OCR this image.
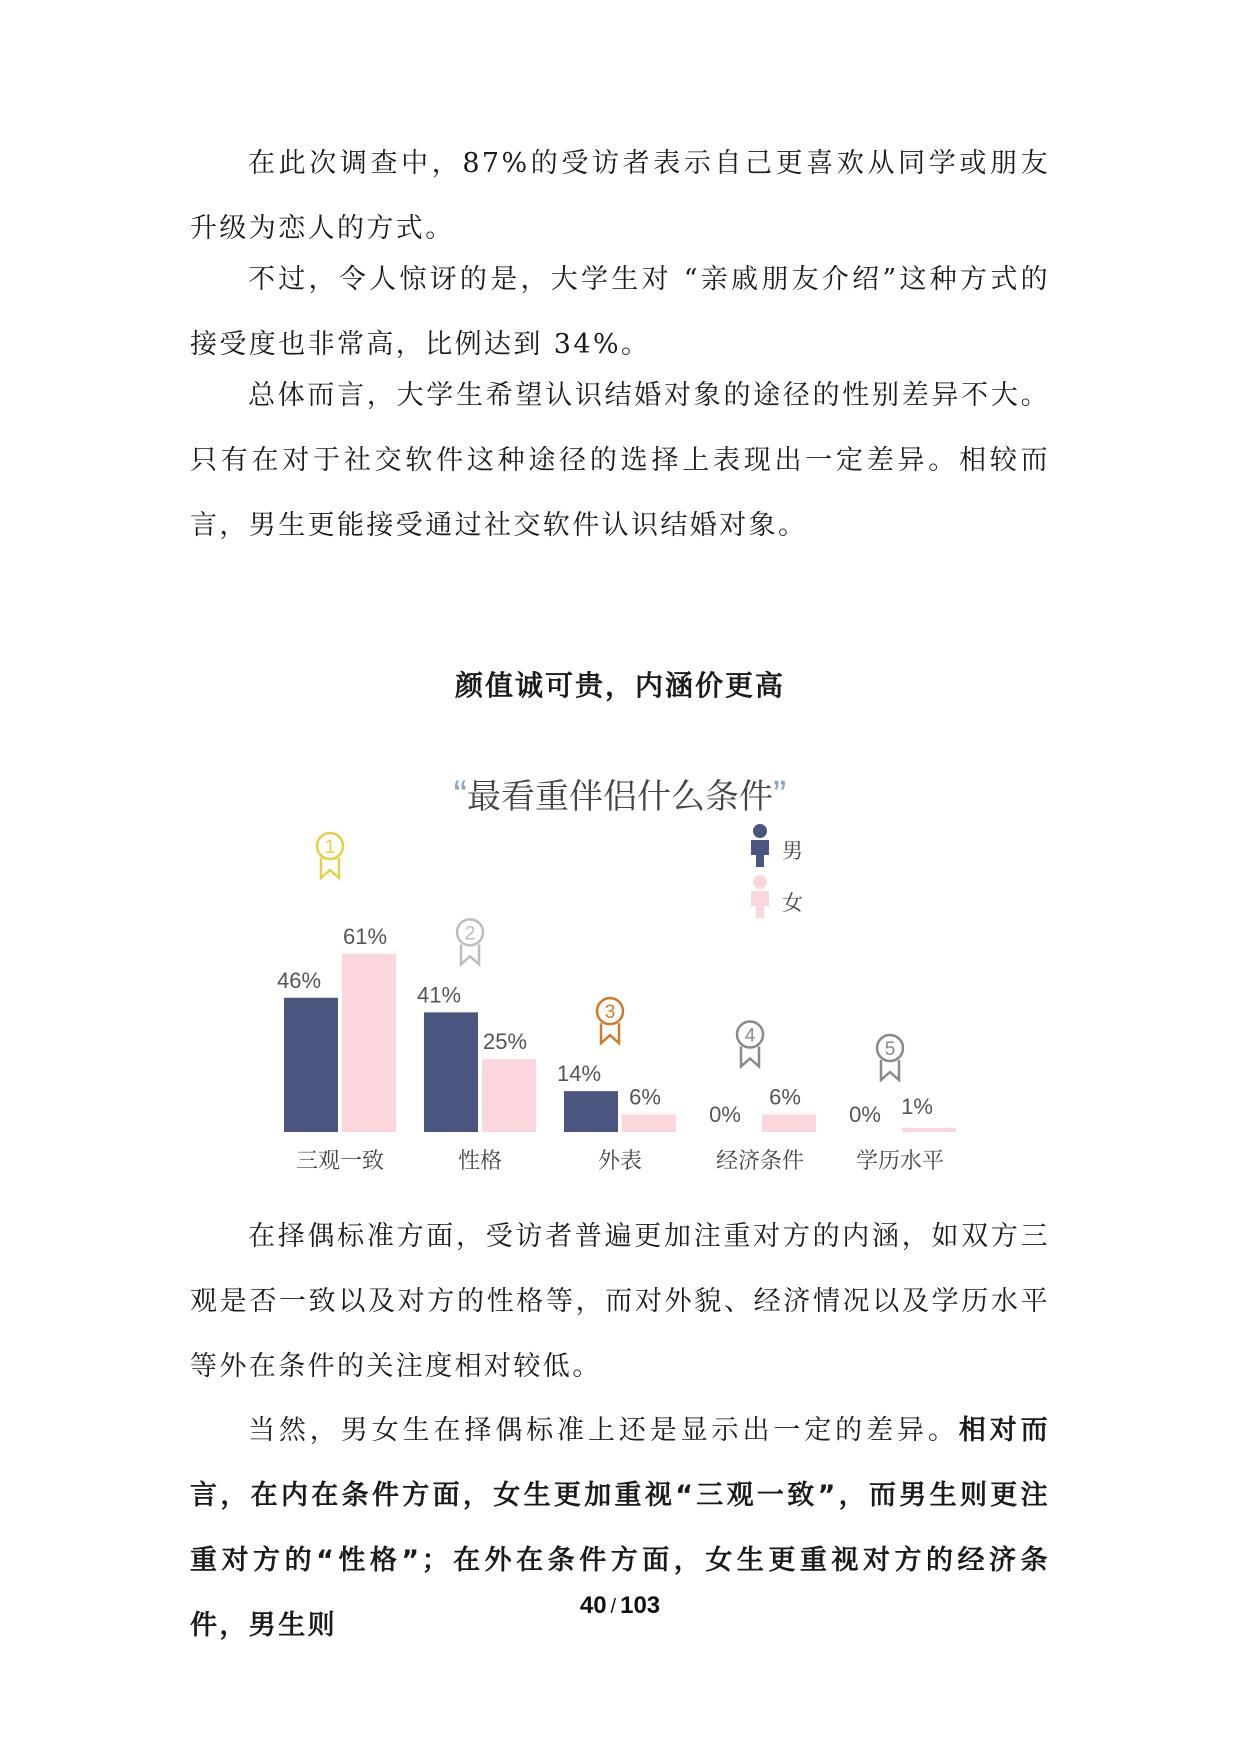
在此次调查中，87%的受访者表示自己更喜欢从同学或朋友升级为恋人的方式。

不过，令人惊讶的是，大学生对 “亲戚朋友介绍”这种方式的接受度也非常高，比例达到 34%。

总体而言，大学生希望认识结婚对象的途径的性别差异不大。只有在对于社交软件这种途径的选择上表现出一定差异。相较而言，男生更能接受通过社交软件认识结婚对象。

颜值诚可贵，内涵价更高
“最看重伴侣什么条件”
46%
61%
三观一致
1
41%
25%
性格
2
14%
6%
外表
3
0%
6%
经济条件
4
0% 1%
学历水平
5
男
女

在择偶标准方面，受访者普遍更加注重对方的内涵，如双方三观是否一致以及对方的性格等，而对外貌、经济情况以及学历水平等外在条件的关注度相对较低。

当然，男女生在择偶标准上还是显示出一定的差异。相对而言，在内在条件方面，女生更加重视“三观一致”，而男生则更注重对方的“性格”；在外在条件方面，女生更重视对方的经济条件，男生则

40 / 103
